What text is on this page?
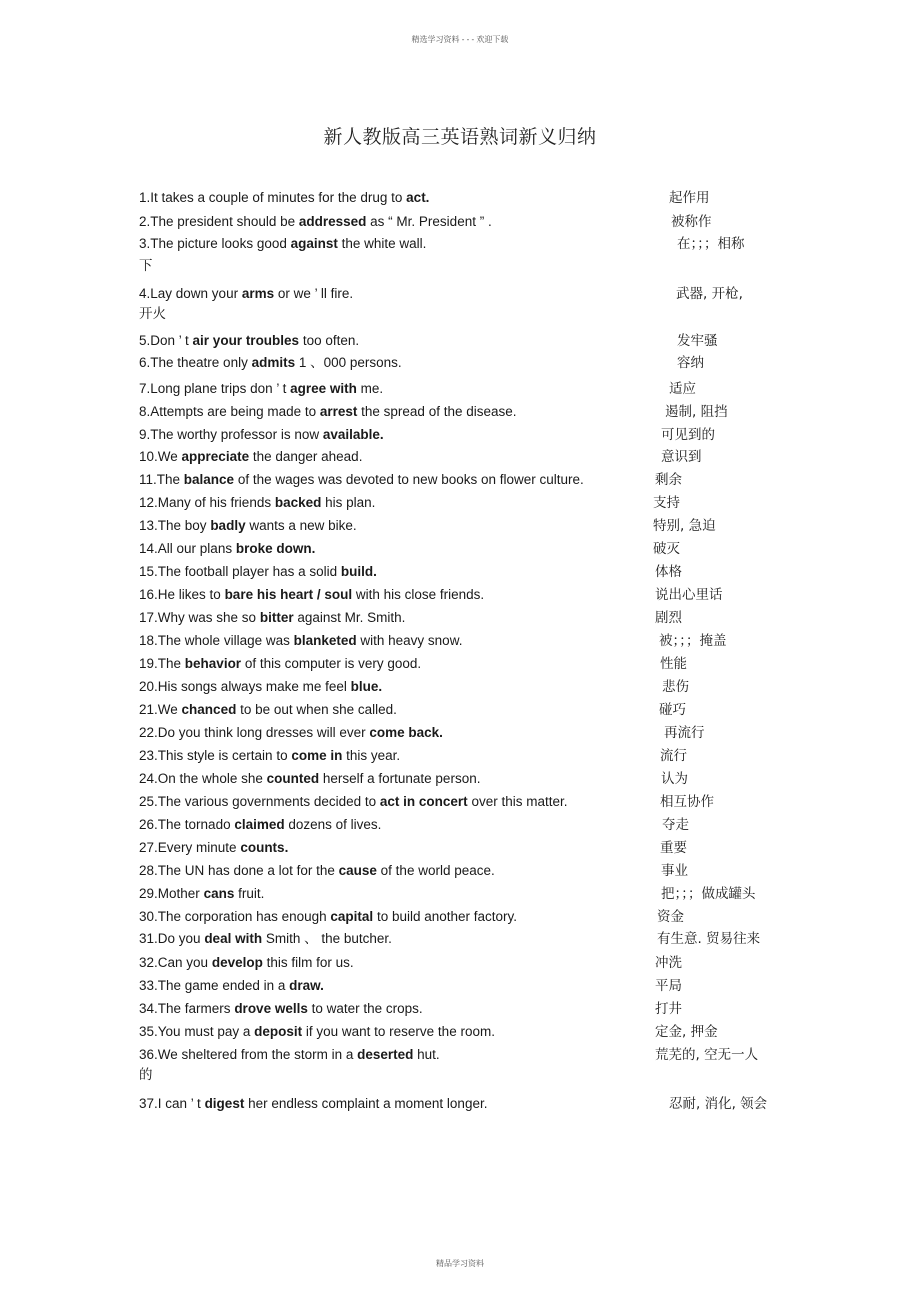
精选学习资料 - - - 欢迎下载
新人教版高三英语熟词新义归纳
1.It takes a couple of minutes for the drug to act.	起作用
2.The president should be addressed as “ Mr. President ” .	被称作
3.The picture looks good against the white wall.	在；；；相称
下
4.Lay down your arms or we ’ ll fire.	武器, 开枪,
开火
5.Don ’ t air your troubles too often.	发牢骚
6.The theatre only admits 1 、000 persons.	容纳
7.Long plane trips don ’ t agree with me.	适应
8.Attempts are being made to arrest the spread of the disease.	遏制, 阻挡
9.The worthy professor is now available.	可见到的
10.We appreciate the danger ahead.	意识到
11.The balance of the wages was devoted to new books on flower culture.	剩余
12.Many of his friends backed his plan.	支持
13.The boy badly wants a new bike.	特别, 急迫
14.All our plans broke down.	破灭
15.The football player has a solid build.	体格
16.He likes to bare his heart / soul with his close friends.	说出心里话
17.Why was she so bitter against Mr. Smith.	剧烈
18.The whole village was blanketed with heavy snow.	被；；；掩盖
19.The behavior of this computer is very good.	性能
20.His songs always make me feel blue.	悲伤
21.We chanced to be out when she called.	碰巧
22.Do you think long dresses will ever come back.	再流行
23.This style is certain to come in this year.	流行
24.On the whole she counted herself a fortunate person.	认为
25.The various governments decided to act in concert over this matter.	相互协作
26.The tornado claimed dozens of lives.	夺走
27.Every minute counts.	重要
28.The UN has done a lot for the cause of the world peace.	事业
29.Mother cans fruit.	把；；；做成罐头
30.The corporation has enough capital to build another factory.	资金
31.Do you deal with Smith 、 the butcher.	有生意. 贸易往来
32.Can you develop this film for us.	冲洗
33.The game ended in a draw.	平局
34.The farmers drove wells to water the crops.	打井
35.You must pay a deposit if you want to reserve the room.	定金, 押金
36.We sheltered from the storm in a deserted hut.	荒芜的, 空无一人
的
37.I can ’ t digest her endless complaint a moment longer.	忍耐, 消化, 领会
精品学习资料
